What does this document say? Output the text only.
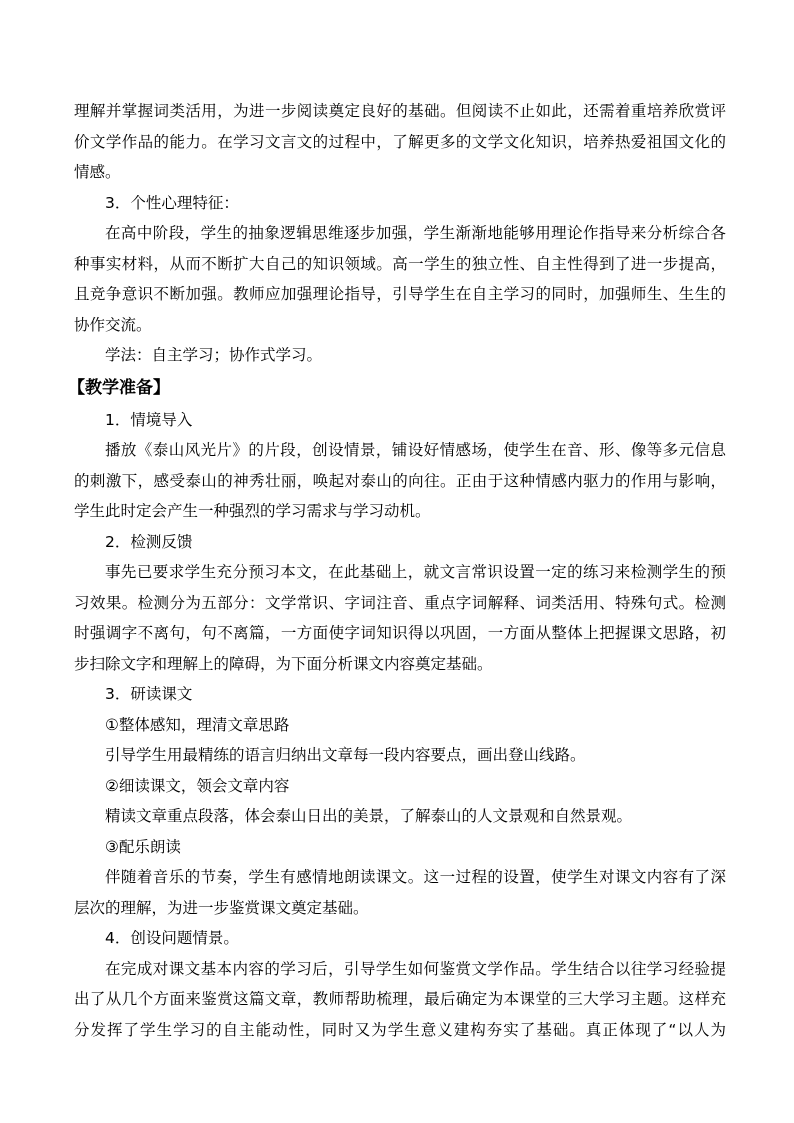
理解并掌握词类活用，为进一步阅读奠定良好的基础。但阅读不止如此，还需着重培养欣赏评
价文学作品的能力。在学习文言文的过程中，了解更多的文学文化知识，培养热爱祖国文化的
情感。
3．个性心理特征：
在高中阶段，学生的抽象逻辑思维逐步加强，学生渐渐地能够用理论作指导来分析综合各
种事实材料，从而不断扩大自己的知识领域。高一学生的独立性、自主性得到了进一步提高，
且竞争意识不断加强。教师应加强理论指导，引导学生在自主学习的同时，加强师生、生生的
协作交流。
学法：自主学习；协作式学习。
【教学准备】
1．情境导入
播放《泰山风光片》的片段，创设情景，铺设好情感场，使学生在音、形、像等多元信息
的刺激下，感受泰山的神秀壮丽，唤起对泰山的向往。正由于这种情感内驱力的作用与影响，
学生此时定会产生一种强烈的学习需求与学习动机。
2．检测反馈
事先已要求学生充分预习本文，在此基础上，就文言常识设置一定的练习来检测学生的预
习效果。检测分为五部分：文学常识、字词注音、重点字词解释、词类活用、特殊句式。检测
时强调字不离句，句不离篇，一方面使字词知识得以巩固，一方面从整体上把握课文思路，初
步扫除文字和理解上的障碍，为下面分析课文内容奠定基础。
3．研读课文
①整体感知，理清文章思路
引导学生用最精练的语言归纳出文章每一段内容要点，画出登山线路。
②细读课文，领会文章内容
精读文章重点段落，体会泰山日出的美景，了解泰山的人文景观和自然景观。
③配乐朗读
伴随着音乐的节奏，学生有感情地朗读课文。这一过程的设置，使学生对课文内容有了深
层次的理解，为进一步鉴赏课文奠定基础。
4．创设问题情景。
在完成对课文基本内容的学习后，引导学生如何鉴赏文学作品。学生结合以往学习经验提
出了从几个方面来鉴赏这篇文章，教师帮助梳理，最后确定为本课堂的三大学习主题。这样充
分发挥了学生学习的自主能动性，同时又为学生意义建构夯实了基础。真正体现了“以人为
